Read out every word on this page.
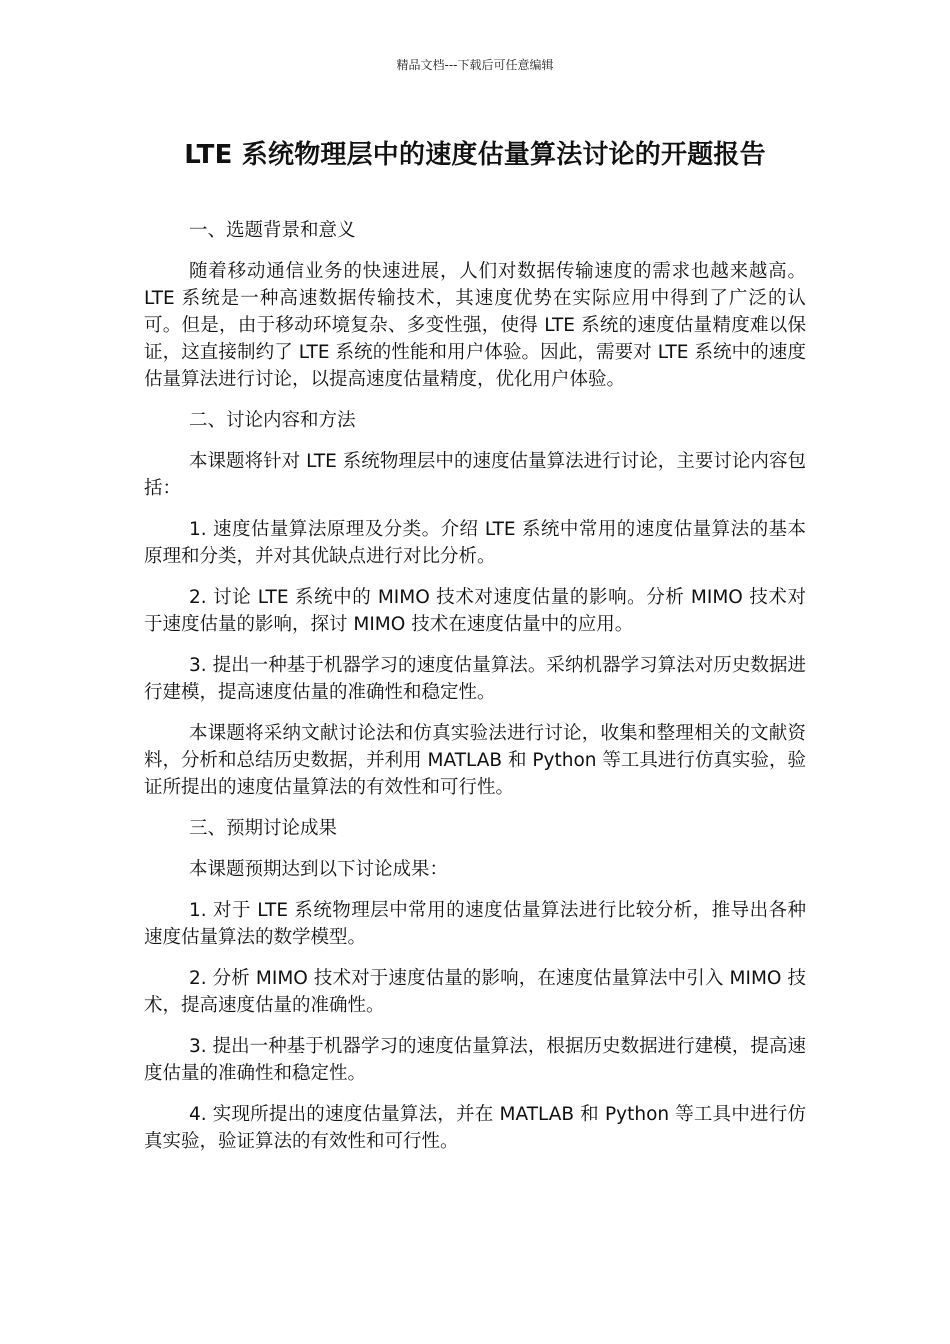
精品文档---下载后可任意编辑
LTE 系统物理层中的速度估量算法讨论的开题报告

一、选题背景和意义

随着移动通信业务的快速进展，人们对数据传输速度的需求也越来越高。LTE 系统是一种高速数据传输技术，其速度优势在实际应用中得到了广泛的认可。但是，由于移动环境复杂、多变性强，使得 LTE 系统的速度估量精度难以保证，这直接制约了 LTE 系统的性能和用户体验。因此，需要对 LTE 系统中的速度估量算法进行讨论，以提高速度估量精度，优化用户体验。

二、讨论内容和方法

本课题将针对 LTE 系统物理层中的速度估量算法进行讨论，主要讨论内容包括：

1. 速度估量算法原理及分类。介绍 LTE 系统中常用的速度估量算法的基本原理和分类，并对其优缺点进行对比分析。

2. 讨论 LTE 系统中的 MIMO 技术对速度估量的影响。分析 MIMO 技术对于速度估量的影响，探讨 MIMO 技术在速度估量中的应用。

3. 提出一种基于机器学习的速度估量算法。采纳机器学习算法对历史数据进行建模，提高速度估量的准确性和稳定性。

本课题将采纳文献讨论法和仿真实验法进行讨论，收集和整理相关的文献资料，分析和总结历史数据，并利用 MATLAB 和 Python 等工具进行仿真实验，验证所提出的速度估量算法的有效性和可行性。

三、预期讨论成果

本课题预期达到以下讨论成果：

1. 对于 LTE 系统物理层中常用的速度估量算法进行比较分析，推导出各种速度估量算法的数学模型。

2. 分析 MIMO 技术对于速度估量的影响，在速度估量算法中引入 MIMO 技术，提高速度估量的准确性。

3. 提出一种基于机器学习的速度估量算法，根据历史数据进行建模，提高速度估量的准确性和稳定性。

4. 实现所提出的速度估量算法，并在 MATLAB 和 Python 等工具中进行仿真实验，验证算法的有效性和可行性。
